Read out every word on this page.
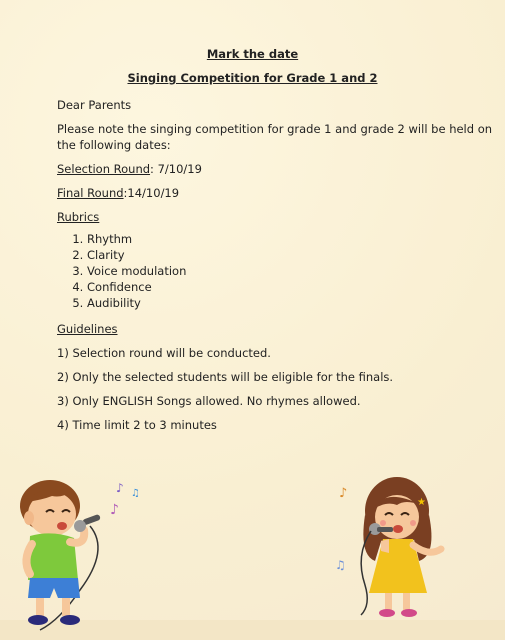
Mark the date
Singing Competition for Grade 1 and 2
Dear Parents
Please note the singing competition for grade 1 and grade 2 will be held on
the following dates:
Selection Round: 7/10/19
Final Round:14/10/19
Rubrics
1. Rhythm
2. Clarity
3. Voice modulation
4. Confidence
5. Audibility
Guidelines
1) Selection round will be conducted.
2) Only the selected students will be eligible for the finals.
3) Only ENGLISH Songs allowed. No rhymes allowed.
4) Time limit 2 to 3 minutes
♪ ♫
♪
♪
♫
★
